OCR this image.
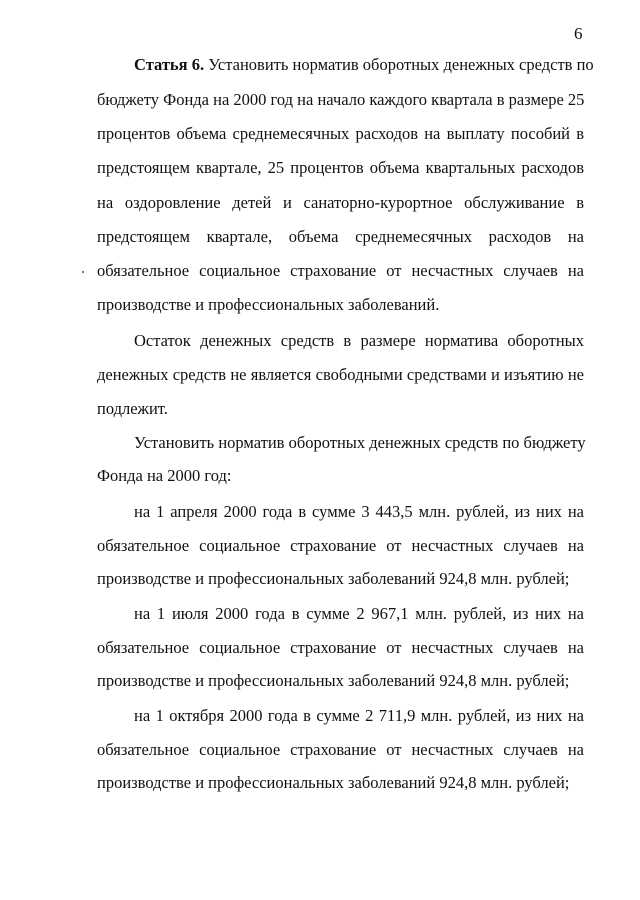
6
Статья 6. Установить норматив оборотных денежных средств по
бюджету Фонда на 2000 год на начало каждого квартала в размере 25
процентов объема среднемесячных расходов на выплату пособий в
предстоящем квартале, 25 процентов объема квартальных расходов
на оздоровление детей и санаторно-курортное обслуживание в
предстоящем квартале, объема среднемесячных расходов на
обязательное социальное страхование от несчастных случаев на
производстве и профессиональных заболеваний.
Остаток денежных средств в размере норматива оборотных
денежных средств не является свободными средствами и изъятию не
подлежит.
Установить норматив оборотных денежных средств по бюджету
Фонда на 2000 год:
на 1 апреля 2000 года в сумме 3 443,5 млн. рублей, из них на
обязательное социальное страхование от несчастных случаев на
производстве и профессиональных заболеваний 924,8 млн. рублей;
на 1 июля 2000 года в сумме 2 967,1 млн. рублей, из них на
обязательное социальное страхование от несчастных случаев на
производстве и профессиональных заболеваний 924,8 млн. рублей;
на 1 октября 2000 года в сумме 2 711,9 млн. рублей, из них на
обязательное социальное страхование от несчастных случаев на
производстве и профессиональных заболеваний 924,8 млн. рублей;
